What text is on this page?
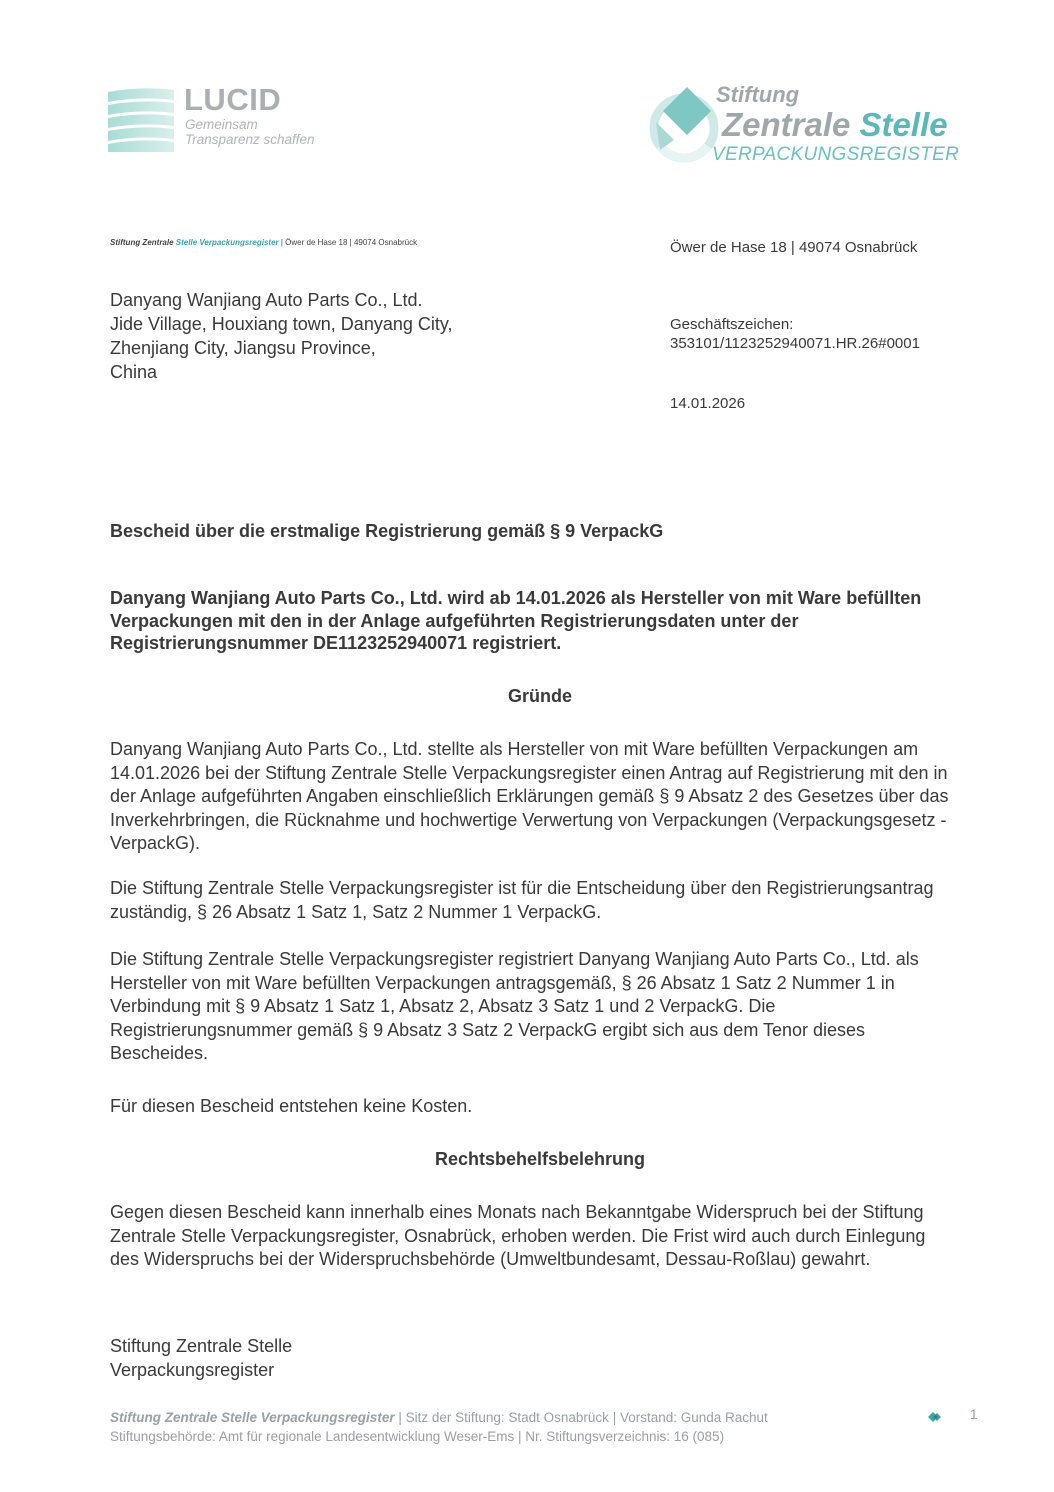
LUCID
Gemeinsam
Transparenz schaffen
Stiftung
Zentrale Stelle
VERPACKUNGSREGISTER
Stiftung Zentrale Stelle Verpackungsregister | Öwer de Hase 18 | 49074 Osnabrück
Danyang Wanjiang Auto Parts Co., Ltd.
Jide Village, Houxiang town, Danyang City,
Zhenjiang City, Jiangsu Province,
China
Öwer de Hase 18 | 49074 Osnabrück
Geschäftszeichen:
353101/1123252940071.HR.26#0001
14.01.2026
Bescheid über die erstmalige Registrierung gemäß § 9 VerpackG
Danyang Wanjiang Auto Parts Co., Ltd. wird ab 14.01.2026 als Hersteller von mit Ware befüllten Verpackungen mit den in der Anlage aufgeführten Registrierungsdaten unter der Registrierungsnummer DE1123252940071 registriert.
Gründe
Danyang Wanjiang Auto Parts Co., Ltd. stellte als Hersteller von mit Ware befüllten Verpackungen am 14.01.2026 bei der Stiftung Zentrale Stelle Verpackungsregister einen Antrag auf Registrierung mit den in der Anlage aufgeführten Angaben einschließlich Erklärungen gemäß § 9 Absatz 2 des Gesetzes über das Inverkehrbringen, die Rücknahme und hochwertige Verwertung von Verpackungen (Verpackungsgesetz - VerpackG).
Die Stiftung Zentrale Stelle Verpackungsregister ist für die Entscheidung über den Registrierungsantrag zuständig, § 26 Absatz 1 Satz 1, Satz 2 Nummer 1 VerpackG.
Die Stiftung Zentrale Stelle Verpackungsregister registriert Danyang Wanjiang Auto Parts Co., Ltd. als Hersteller von mit Ware befüllten Verpackungen antragsgemäß, § 26 Absatz 1 Satz 2 Nummer 1 in Verbindung mit § 9 Absatz 1 Satz 1, Absatz 2, Absatz 3 Satz 1 und 2 VerpackG. Die Registrierungsnummer gemäß § 9 Absatz 3 Satz 2 VerpackG ergibt sich aus dem Tenor dieses Bescheides.
Für diesen Bescheid entstehen keine Kosten.
Rechtsbehelfsbelehrung
Gegen diesen Bescheid kann innerhalb eines Monats nach Bekanntgabe Widerspruch bei der Stiftung Zentrale Stelle Verpackungsregister, Osnabrück, erhoben werden. Die Frist wird auch durch Einlegung des Widerspruchs bei der Widerspruchsbehörde (Umweltbundesamt, Dessau-Roßlau) gewahrt.
Stiftung Zentrale Stelle
Verpackungsregister
Stiftung Zentrale Stelle Verpackungsregister | Sitz der Stiftung: Stadt Osnabrück | Vorstand: Gunda Rachut
Stiftungsbehörde: Amt für regionale Landesentwicklung Weser-Ems | Nr. Stiftungsverzeichnis: 16 (085)
1
